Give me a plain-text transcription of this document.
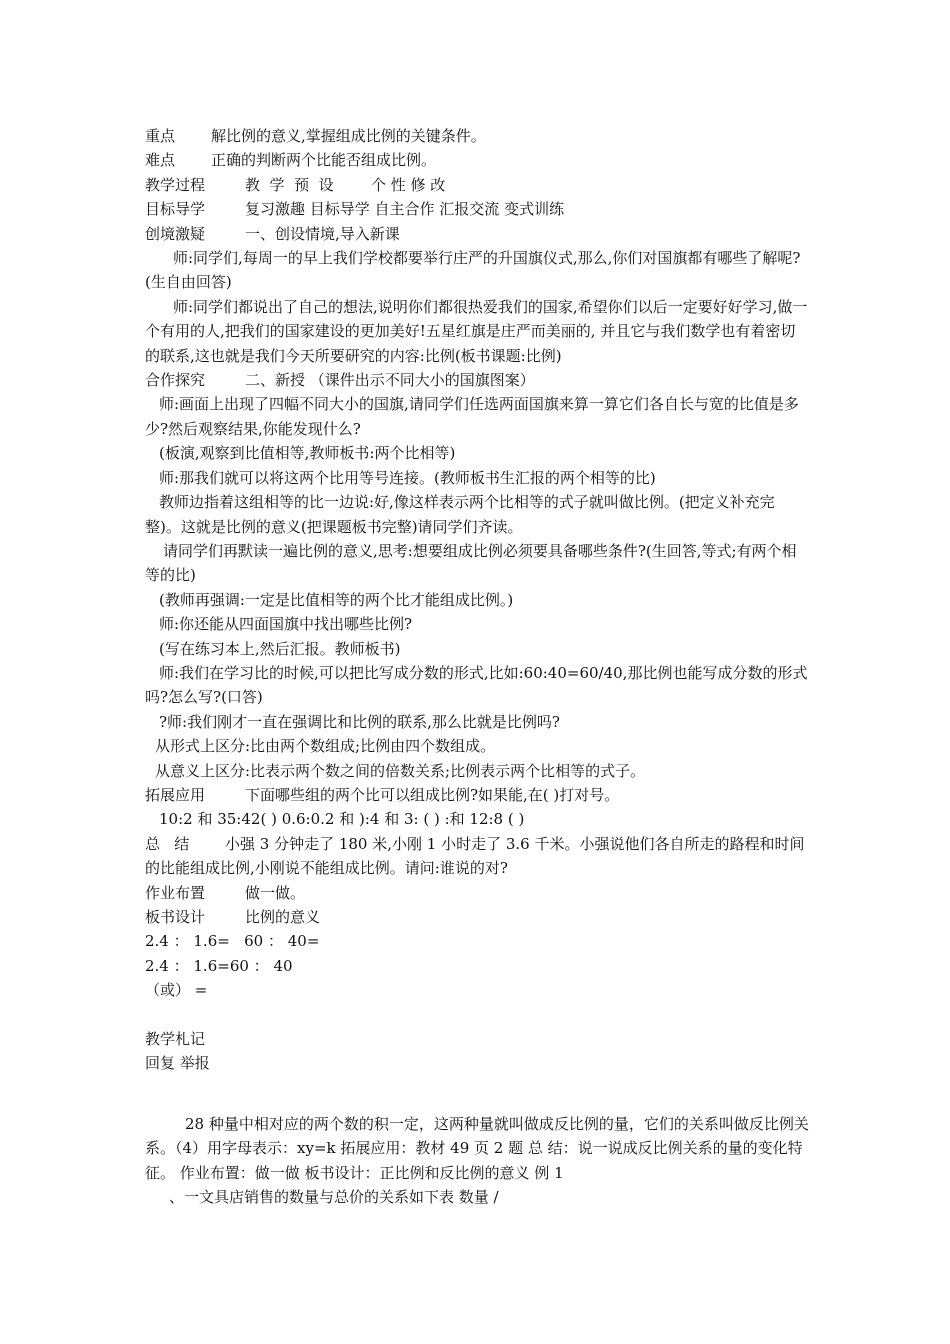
重点 解比例的意义,掌握组成比例的关键条件。
难点 正确的判断两个比能否组成比例。
教学过程	教  学  预  设 个 性 修 改
目标导学	复习激趣 目标导学 自主合作 汇报交流 变式训练
创境激疑	一、创设情境,导入新课
师:同学们,每周一的早上我们学校都要举行庄严的升国旗仪式,那么,你们对国旗都有哪些了解呢?(生自由回答)
师:同学们都说出了自己的想法,说明你们都很热爱我们的国家,希望你们以后一定要好好学习,做一个有用的人,把我们的国家建设的更加美好!五星红旗是庄严而美丽的, 并且它与我们数学也有着密切的联系,这也就是我们今天所要研究的内容:比例(板书课题:比例)
合作探究	二、新授 （课件出示不同大小的国旗图案）
师:画面上出现了四幅不同大小的国旗,请同学们任选两面国旗来算一算它们各自长与宽的比值是多少?然后观察结果,你能发现什么?
(板演,观察到比值相等,教师板书:两个比相等)
师:那我们就可以将这两个比用等号连接。(教师板书生汇报的两个相等的比)
教师边指着这组相等的比一边说:好,像这样表示两个比相等的式子就叫做比例。(把定义补充完整)。这就是比例的意义(把课题板书完整)请同学们齐读。
请同学们再默读一遍比例的意义,思考:想要组成比例必须要具备哪些条件?(生回答,等式;有两个相等的比)
(教师再强调:一定是比值相等的两个比才能组成比例。)
师:你还能从四面国旗中找出哪些比例?
(写在练习本上,然后汇报。教师板书)
师:我们在学习比的时候,可以把比写成分数的形式,比如:60:40=60/40,那比例也能写成分数的形式吗?怎么写?(口答)
?师:我们刚才一直在强调比和比例的联系,那么比就是比例吗?
从形式上区分:比由两个数组成;比例由四个数组成。
从意义上区分:比表示两个数之间的倍数关系;比例表示两个比相等的式子。
拓展应用	下面哪些组的两个比可以组成比例?如果能,在( )打对号。
10:2 和 35:42( ) 0.6:0.2 和 ):4 和 3: ( ) :和 12:8 ( )
总   结 小强 3 分钟走了 180 米,小刚 1 小时走了 3.6 千米。小强说他们各自所走的路程和时间的比能组成比例,小刚说不能组成比例。请问:谁说的对?
作业布置	做一做。
板书设计	比例的意义
2.4 ： 1.6=   60 ： 40=
2.4 ： 1.6=60 ： 40
（或） =
教学札记
回复 举报
28 种量中相对应的两个数的积一定，这两种量就叫做成反比例的量，它们的关系叫做反比例关系。（4）用字母表示：xy=k 拓展应用：教材 49 页 2 题 总 结：说一说成反比例关系的量的变化特征。 作业布置：做一做 板书设计：正比例和反比例的意义 例 1
、一文具店销售的数量与总价的关系如下表 数量 /
